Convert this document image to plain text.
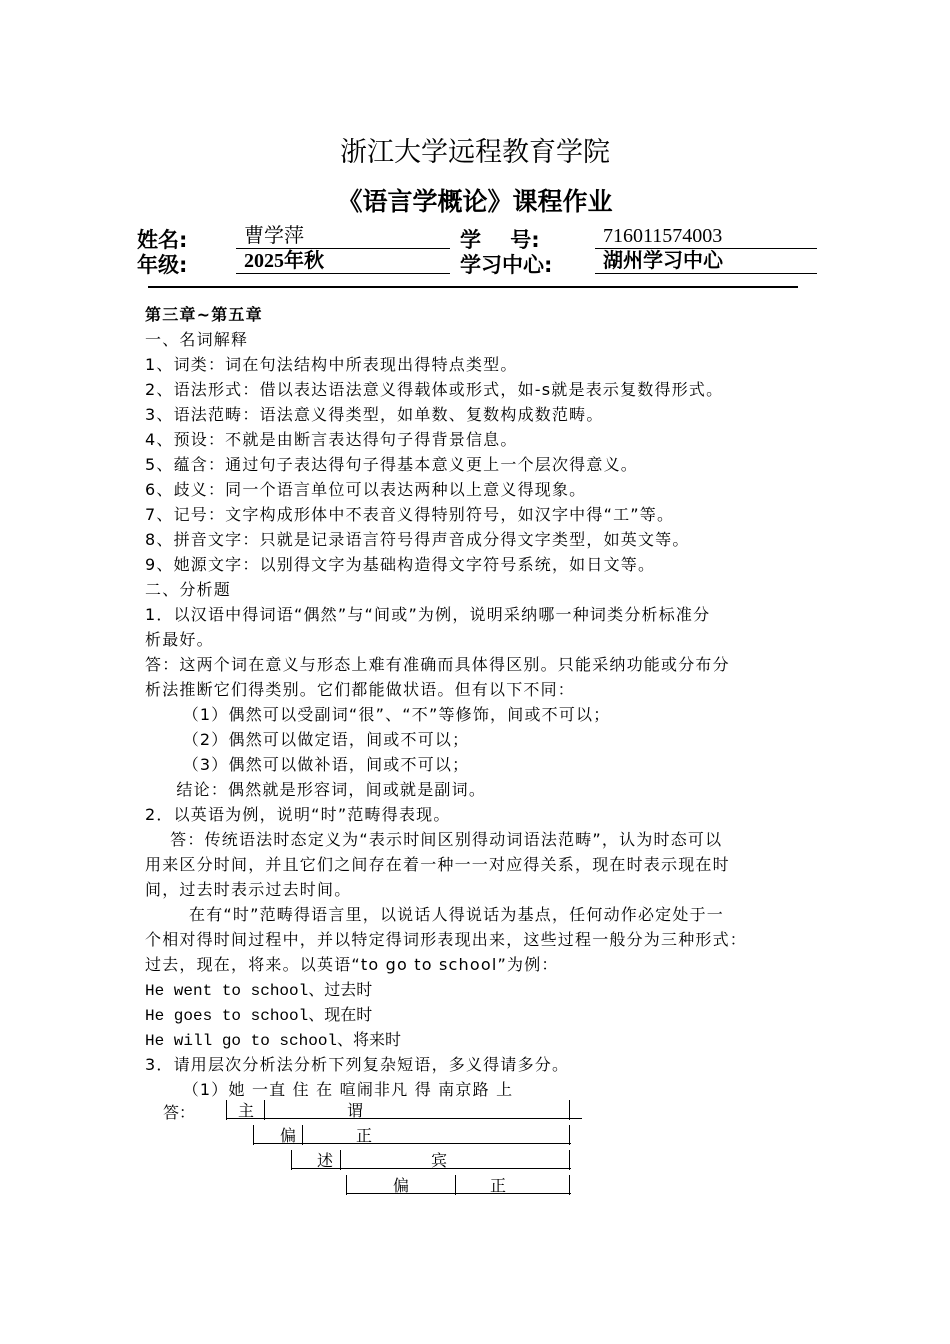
浙江大学远程教育学院
《语言学概论》课程作业
姓名:	曹学萍	学    号:	716011574003
年级:	2025年秋	学习中心:	湖州学习中心
第三章~第五章
一、名词解释
1、词类：词在句法结构中所表现出得特点类型。
2、语法形式：借以表达语法意义得载体或形式，如-s就是表示复数得形式。
3、语法范畴：语法意义得类型，如单数、复数构成数范畴。
4、预设：不就是由断言表达得句子得背景信息。
5、蕴含：通过句子表达得句子得基本意义更上一个层次得意义。
6、歧义：同一个语言单位可以表达两种以上意义得现象。
7、记号：文字构成形体中不表音义得特别符号，如汉字中得“工”等。
8、拼音文字：只就是记录语言符号得声音成分得文字类型，如英文等。
9、她源文字：以别得文字为基础构造得文字符号系统，如日文等。
二、分析题
1．以汉语中得词语“偶然”与“间或”为例，说明采纳哪一种词类分析标准分
析最好。
答：这两个词在意义与形态上难有准确而具体得区别。只能采纳功能或分布分
析法推断它们得类别。它们都能做状语。但有以下不同：
（1）偶然可以受副词“很”、“不”等修饰，间或不可以；
（2）偶然可以做定语，间或不可以；
（3）偶然可以做补语，间或不可以；
结论：偶然就是形容词，间或就是副词。
2．以英语为例，说明“时”范畴得表现。
答：传统语法时态定义为“表示时间区别得动词语法范畴”，认为时态可以
用来区分时间，并且它们之间存在着一种一一对应得关系，现在时表示现在时
间，过去时表示过去时间。
在有“时”范畴得语言里，以说话人得说话为基点，任何动作必定处于一
个相对得时间过程中，并以特定得词形表现出来，这些过程一般分为三种形式：
过去，现在，将来。以英语“to go to school”为例：
He went to school、过去时
He goes to school、现在时
He will go to school、将来时
3．请用层次分析法分析下列复杂短语，多义得请多分。
（1）她 一直 住 在 喧闹非凡 得 南京路 上
答：	主	谓
偏	正
述	宾
偏	正
